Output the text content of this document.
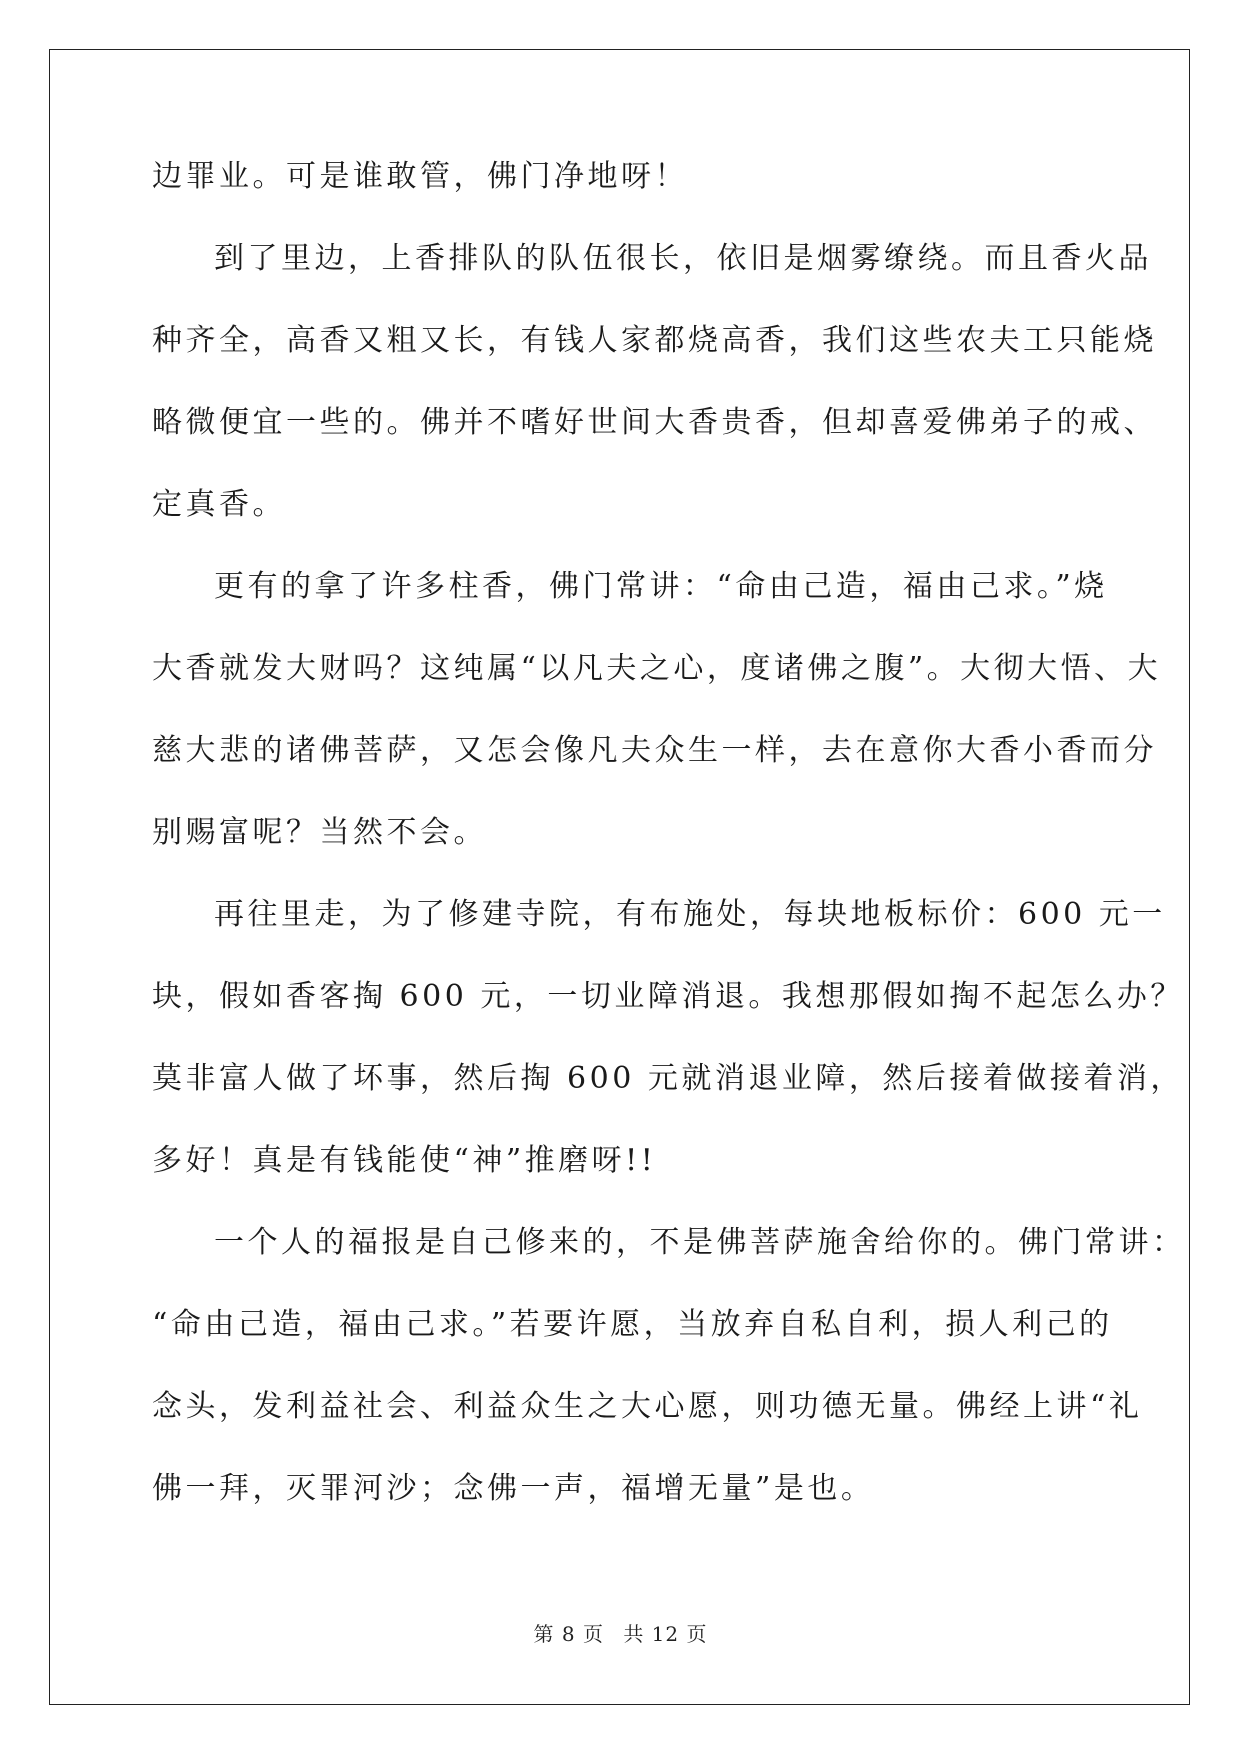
边罪业。可是谁敢管，佛门净地呀！
到了里边，上香排队的队伍很长，依旧是烟雾缭绕。而且香火品
种齐全，高香又粗又长，有钱人家都烧高香，我们这些农夫工只能烧
略微便宜一些的。佛并不嗜好世间大香贵香，但却喜爱佛弟子的戒、
定真香。
更有的拿了许多柱香，佛门常讲：“命由己造，福由己求。”烧
大香就发大财吗？这纯属“以凡夫之心，度诸佛之腹”。大彻大悟、大
慈大悲的诸佛菩萨，又怎会像凡夫众生一样，去在意你大香小香而分
别赐富呢？当然不会。
再往里走，为了修建寺院，有布施处，每块地板标价：600 元一
块，假如香客掏 600 元，一切业障消退。我想那假如掏不起怎么办？
莫非富人做了坏事，然后掏 600 元就消退业障，然后接着做接着消，
多好！真是有钱能使“神”推磨呀!!
一个人的福报是自己修来的，不是佛菩萨施舍给你的。佛门常讲：
“命由己造，福由己求。”若要许愿，当放弃自私自利，损人利己的
念头，发利益社会、利益众生之大心愿，则功德无量。佛经上讲“礼
佛一拜，灭罪河沙；念佛一声，福增无量”是也。
第 8 页 共 12 页
